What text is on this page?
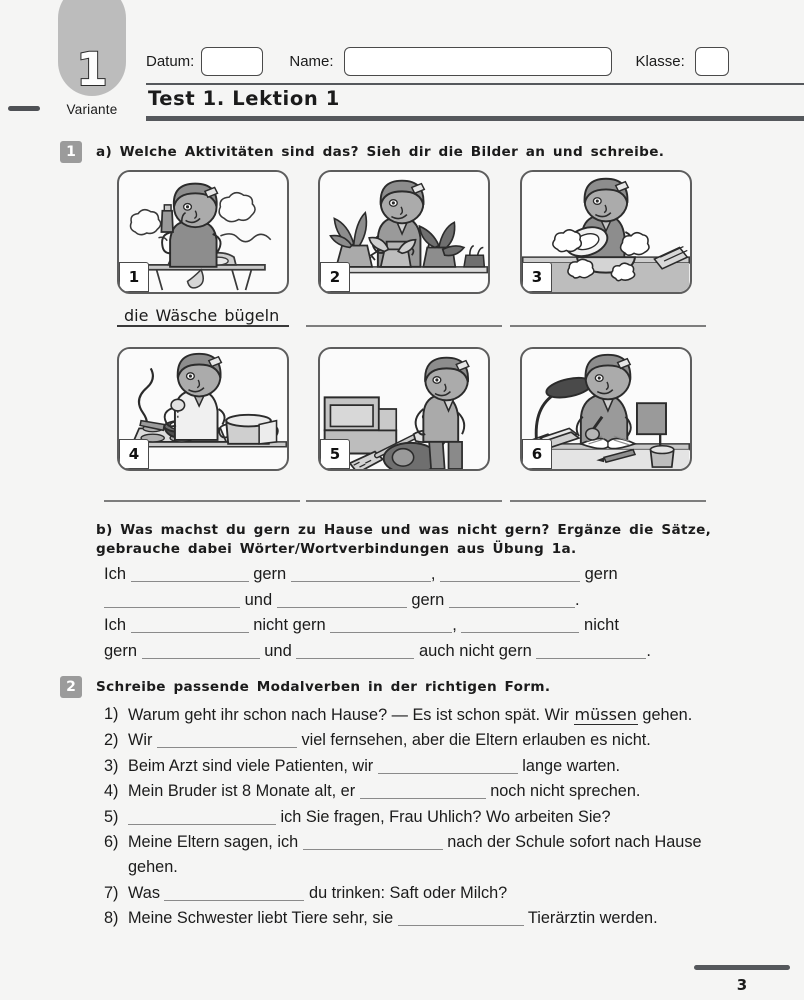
1
Variante
Datum:	Name:	Klasse:
Test 1. Lektion 1
1	a) Welche Aktivitäten sind das? Sieh dir die Bilder an und schreibe.
1	2	3
die Wäsche bügeln
4	5	6
b) Was machst du gern zu Hause und was nicht gern? Ergänze die Sätze,
gebrauche dabei Wörter/Wortverbindungen aus Übung 1a.
Ich	gern	,	gern
und	gern	.
Ich	nicht gern	,	nicht
gern	und	auch nicht gern	.
2	Schreibe passende Modalverben in der richtigen Form.
1) Warum geht ihr schon nach Hause? — Es ist schon spät. Wir müssen gehen.
2) Wir	viel fernsehen, aber die Eltern erlauben es nicht.
3) Beim Arzt sind viele Patienten, wir	lange warten.
4) Mein Bruder ist 8 Monate alt, er	noch nicht sprechen.
5)	ich Sie fragen, Frau Uhlich? Wo arbeiten Sie?
6) Meine Eltern sagen, ich	nach der Schule sofort nach Hause gehen.
7) Was	du trinken: Saft oder Milch?
8) Meine Schwester liebt Tiere sehr, sie	Tierärztin werden.
3
